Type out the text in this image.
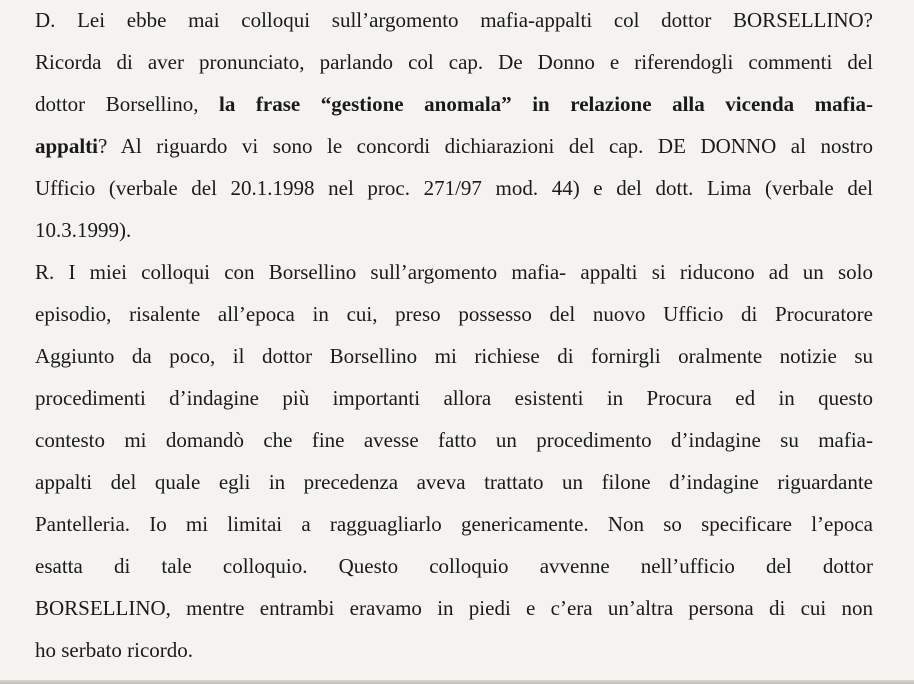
D. Lei ebbe mai colloqui sull’argomento mafia-appalti col dottor BORSELLINO?
Ricorda di aver pronunciato, parlando col cap. De Donno e riferendogli commenti del
dottor Borsellino, la frase “gestione anomala” in relazione alla vicenda mafia-
appalti? Al riguardo vi sono le concordi dichiarazioni del cap. DE DONNO al nostro
Ufficio (verbale del 20.1.1998 nel proc. 271/97 mod. 44) e del dott. Lima (verbale del
10.3.1999).
R. I miei colloqui con Borsellino sull’argomento mafia- appalti si riducono ad un solo
episodio, risalente all’epoca in cui, preso possesso del nuovo Ufficio di Procuratore
Aggiunto da poco, il dottor Borsellino mi richiese di fornirgli oralmente notizie su
procedimenti d’indagine più importanti allora esistenti in Procura ed in questo
contesto mi domandò che fine avesse fatto un procedimento d’indagine su mafia-
appalti del quale egli in precedenza aveva trattato un filone d’indagine riguardante
Pantelleria. Io mi limitai a ragguagliarlo genericamente. Non so specificare l’epoca
esatta di tale colloquio. Questo colloquio avvenne nell’ufficio del dottor
BORSELLINO, mentre entrambi eravamo in piedi e c’era un’altra persona di cui non
ho serbato ricordo.
